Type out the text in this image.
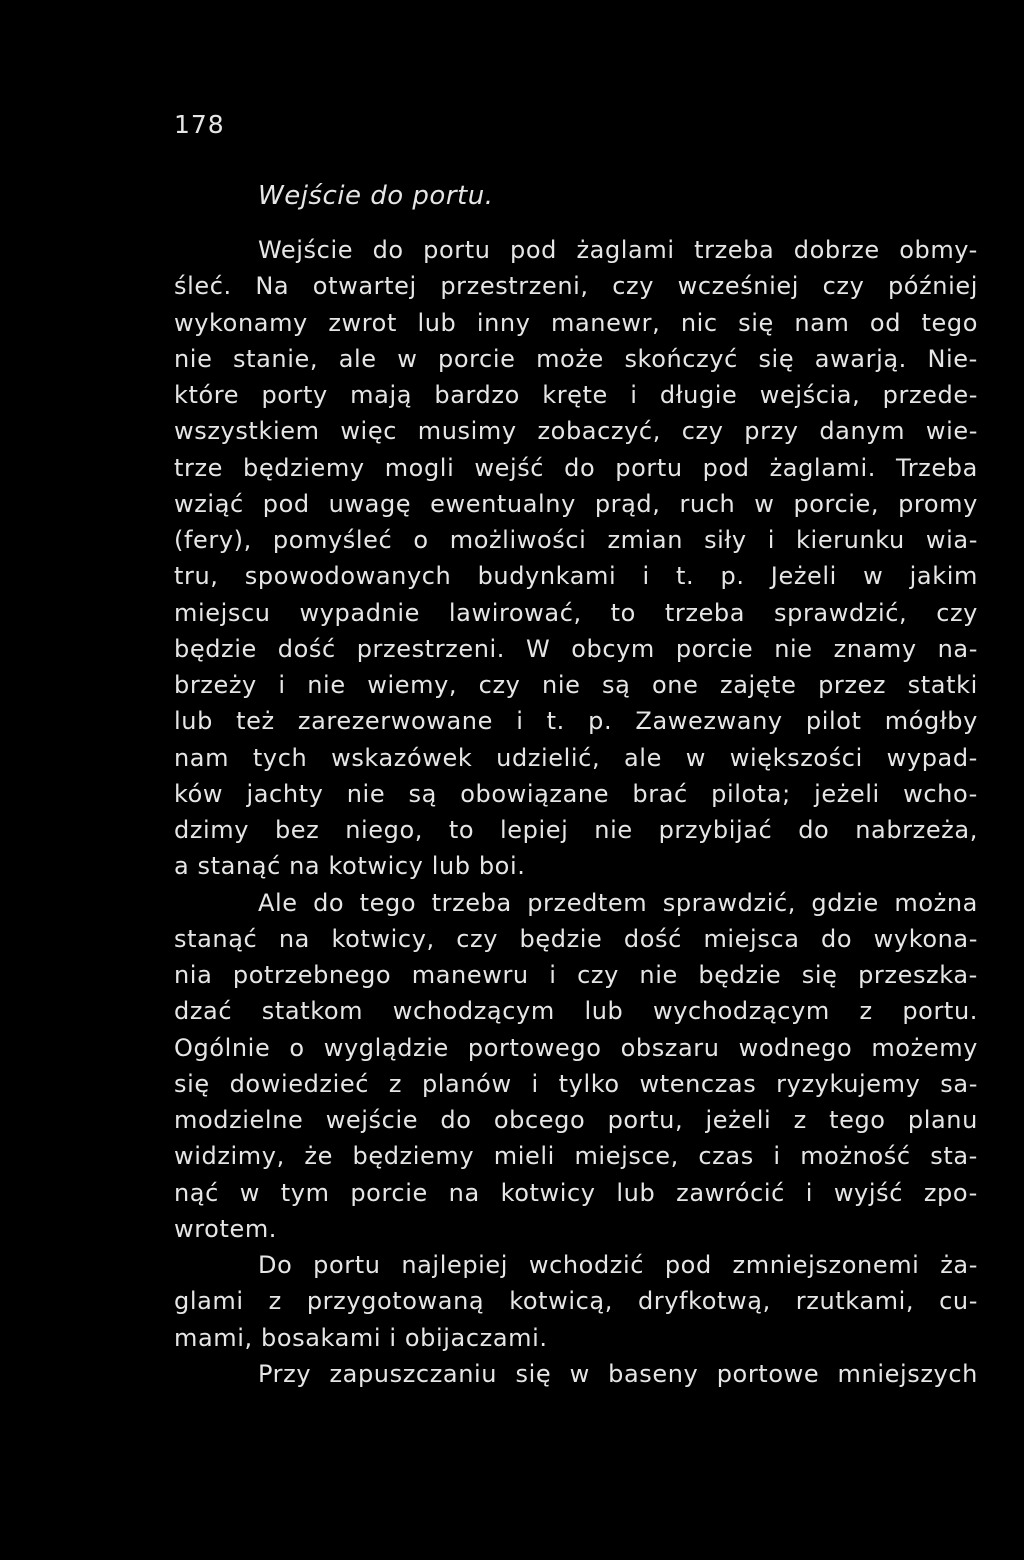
178
Wejście do portu.
Wejście do portu pod żaglami trzeba dobrze obmy-
śleć. Na otwartej przestrzeni, czy wcześniej czy później
wykonamy zwrot lub inny manewr, nic się nam od tego
nie stanie, ale w porcie może skończyć się awarją. Nie-
które porty mają bardzo kręte i długie wejścia, przede-
wszystkiem więc musimy zobaczyć, czy przy danym wie-
trze będziemy mogli wejść do portu pod żaglami. Trzeba
wziąć pod uwagę ewentualny prąd, ruch w porcie, promy
(fery), pomyśleć o możliwości zmian siły i kierunku wia-
tru, spowodowanych budynkami i t. p. Jeżeli w jakim
miejscu wypadnie lawirować, to trzeba sprawdzić, czy
będzie dość przestrzeni. W obcym porcie nie znamy na-
brzeży i nie wiemy, czy nie są one zajęte przez statki
lub też zarezerwowane i t. p. Zawezwany pilot mógłby
nam tych wskazówek udzielić, ale w większości wypad-
ków jachty nie są obowiązane brać pilota; jeżeli wcho-
dzimy bez niego, to lepiej nie przybijać do nabrzeża,
a stanąć na kotwicy lub boi.
Ale do tego trzeba przedtem sprawdzić, gdzie można
stanąć na kotwicy, czy będzie dość miejsca do wykona-
nia potrzebnego manewru i czy nie będzie się przeszka-
dzać statkom wchodzącym lub wychodzącym z portu.
Ogólnie o wyglądzie portowego obszaru wodnego możemy
się dowiedzieć z planów i tylko wtenczas ryzykujemy sa-
modzielne wejście do obcego portu, jeżeli z tego planu
widzimy, że będziemy mieli miejsce, czas i możność sta-
nąć w tym porcie na kotwicy lub zawrócić i wyjść zpo-
wrotem.
Do portu najlepiej wchodzić pod zmniejszonemi ża-
glami z przygotowaną kotwicą, dryfkotwą, rzutkami, cu-
mami, bosakami i obijaczami.
Przy zapuszczaniu się w baseny portowe mniejszych
